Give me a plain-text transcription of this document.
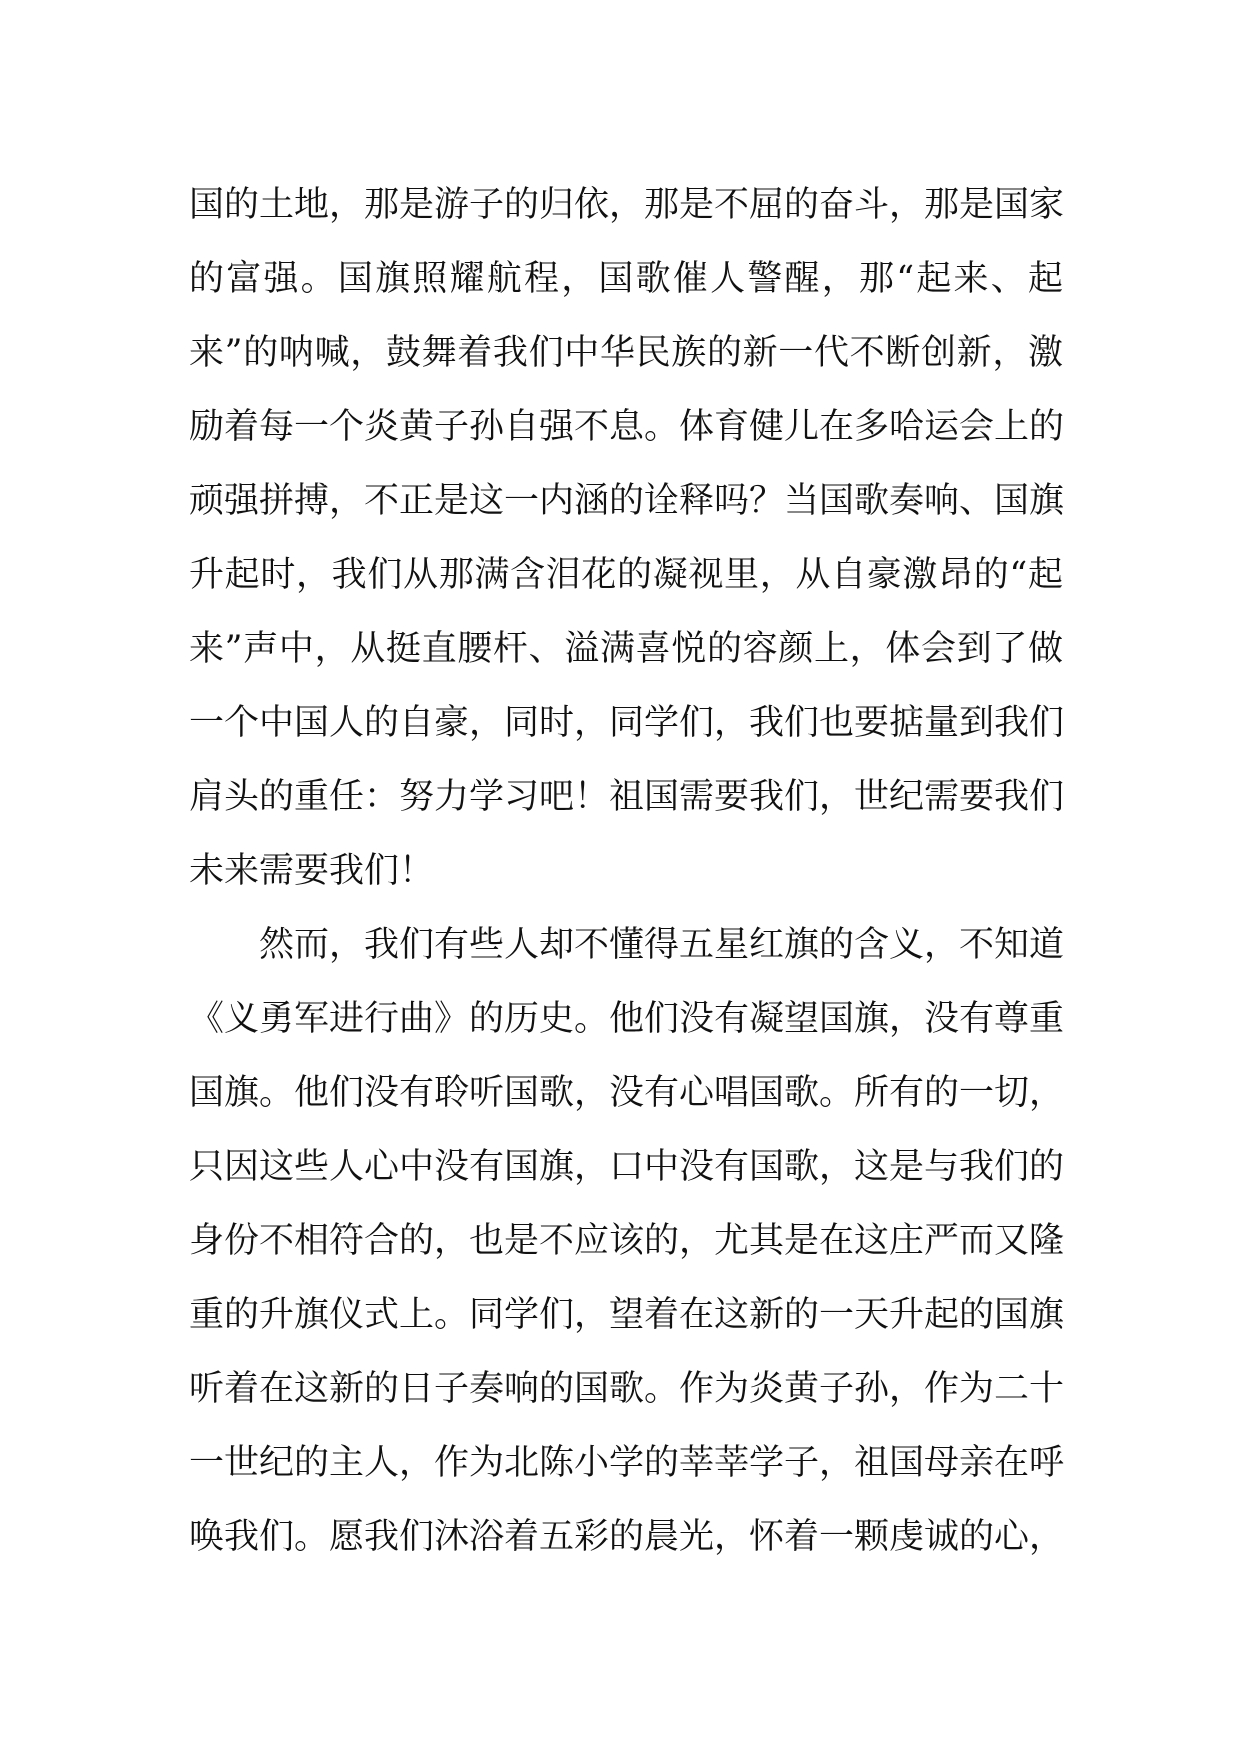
国的土地，那是游子的归依，那是不屈的奋斗，那是国家
的富强。国旗照耀航程，国歌催人警醒，那“起来、起
来”的呐喊，鼓舞着我们中华民族的新一代不断创新，激
励着每一个炎黄子孙自强不息。体育健儿在多哈运会上的
顽强拼搏，不正是这一内涵的诠释吗？当国歌奏响、国旗
升起时，我们从那满含泪花的凝视里，从自豪激昂的“起
来”声中，从挺直腰杆、溢满喜悦的容颜上，体会到了做
一个中国人的自豪，同时，同学们，我们也要掂量到我们
肩头的重任：努力学习吧！祖国需要我们，世纪需要我们
未来需要我们！
然而，我们有些人却不懂得五星红旗的含义，不知道
《义勇军进行曲》的历史。他们没有凝望国旗，没有尊重
国旗。他们没有聆听国歌，没有心唱国歌。所有的一切，
只因这些人心中没有国旗，口中没有国歌，这是与我们的
身份不相符合的，也是不应该的，尤其是在这庄严而又隆
重的升旗仪式上。同学们，望着在这新的一天升起的国旗
听着在这新的日子奏响的国歌。作为炎黄子孙，作为二十
一世纪的主人，作为北陈小学的莘莘学子，祖国母亲在呼
唤我们。愿我们沐浴着五彩的晨光，怀着一颗虔诚的心，
